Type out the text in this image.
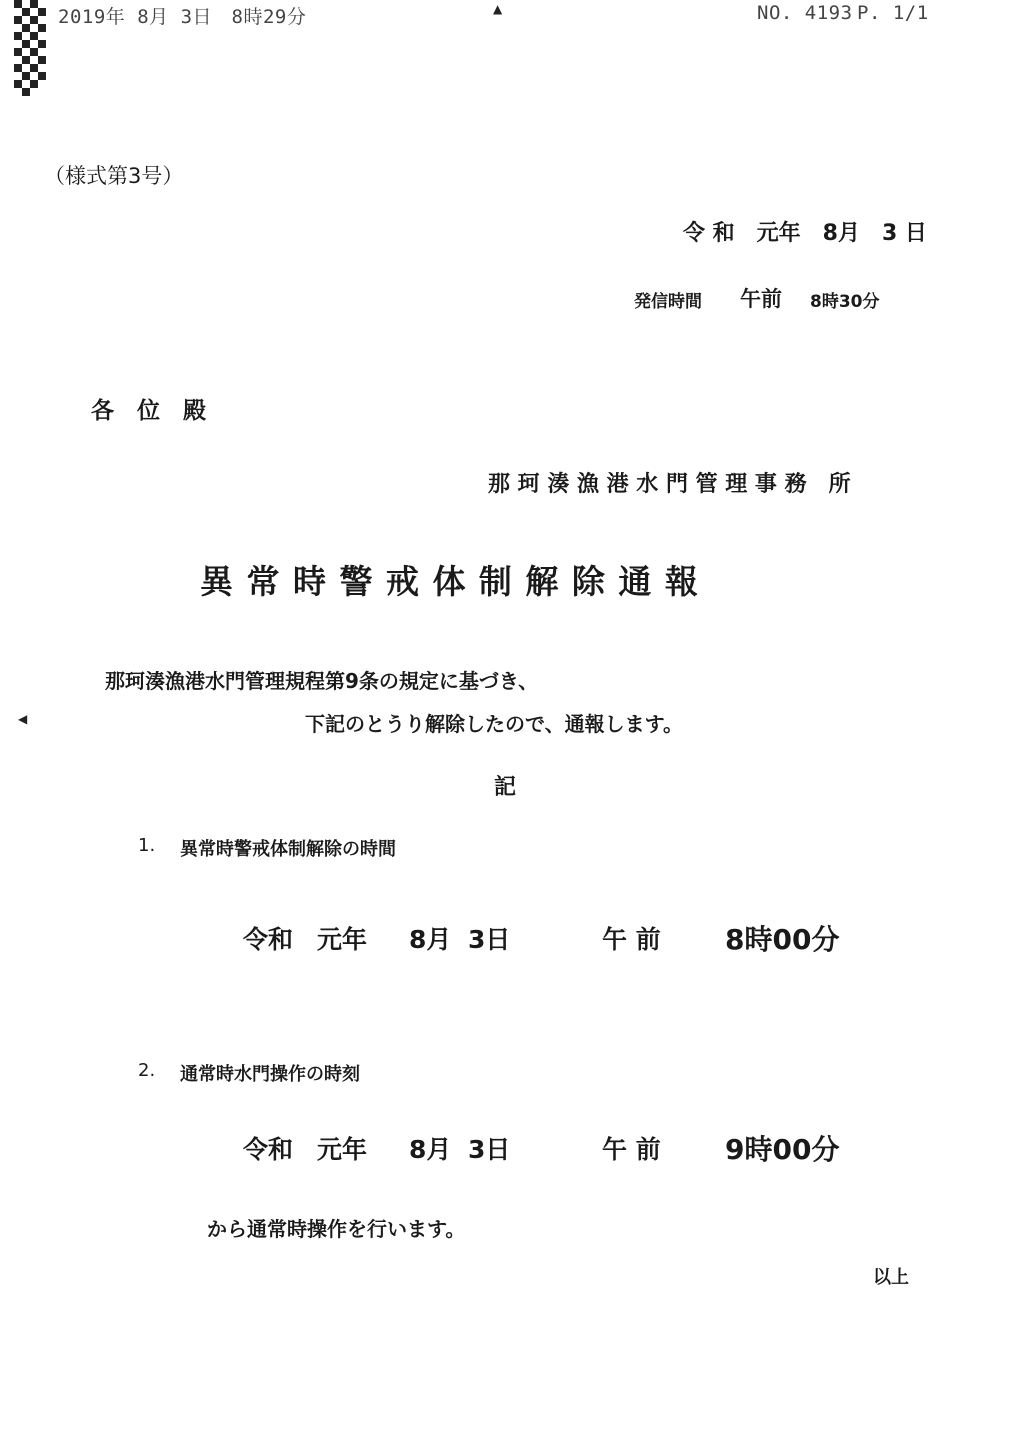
2019年 8月 3日　8時29分	▲	NO. 4193 P. 1/1
（様式第3号）
令 和　元年　8月　3 日
発信時間 午前 8時30分
各　位　殿
那 珂 湊 漁 港 水 門 管 理 事 務　所
異 常 時 警 戒 体 制 解 除 通 報
那珂湊漁港水門管理規程第9条の規定に基づき、
◀	下記のとうり解除したので、通報します。
記
1. 異常時警戒体制解除の時間
令和 元年 8月 3日	午 前 8時00分
2. 通常時水門操作の時刻
令和 元年 8月 3日	午 前 9時00分
から通常時操作を行います。
以上
